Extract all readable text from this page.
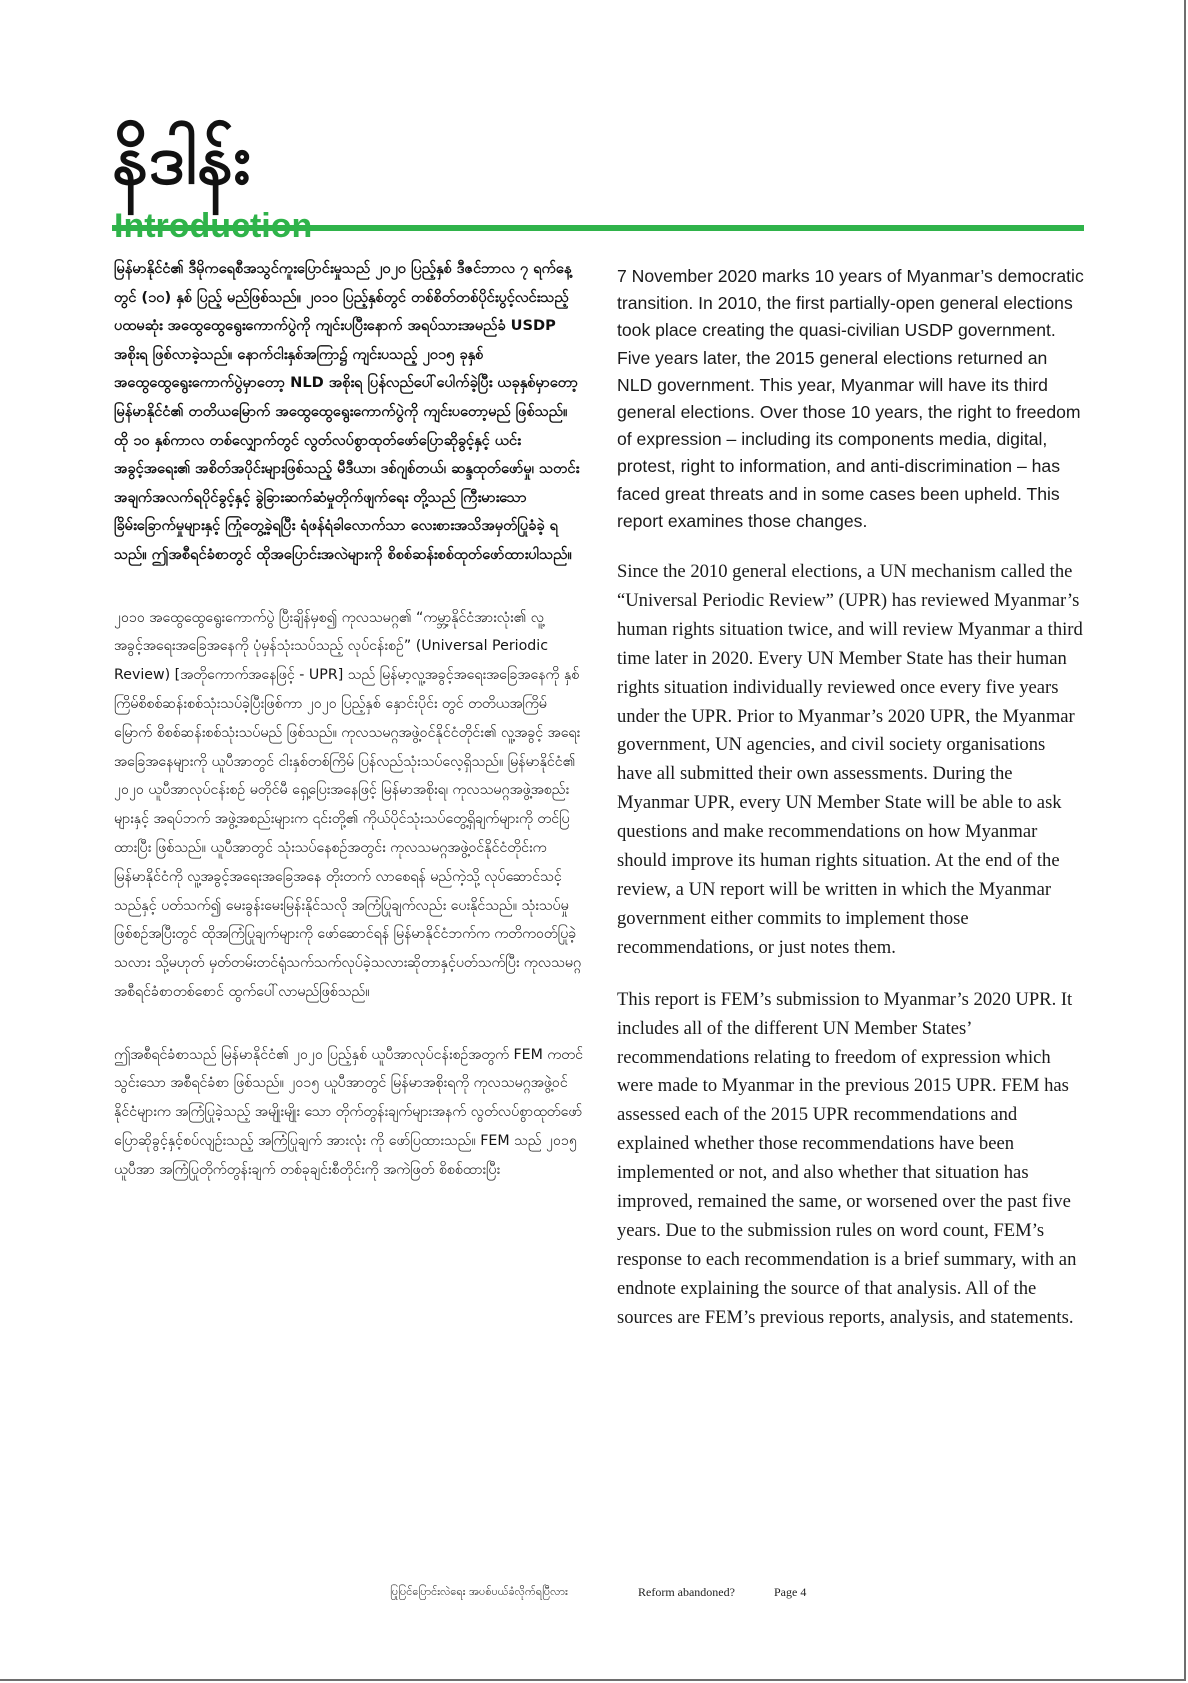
နိဒါန်း

မြန်မာနိုင်ငံ၏ ဒီမိုကရေစီအသွင်ကူးပြောင်းမှုသည် ၂၀၂၀ ပြည့်နှစ် ဒီဇင်ဘာလ ၇ ရက်နေ့တွင် (၁၀) နှစ် ပြည့် မည်ဖြစ်သည်။ ၂၀၁၀ ပြည့်နှစ်တွင် တစ်စိတ်တစ်ပိုင်းပွင့်လင်းသည့် ပထမဆုံး အထွေထွေရွေးကောက်ပွဲကို ကျင်းပပြီးနောက် အရပ်သားအမည်ခံ USDP အစိုးရ ဖြစ်လာခဲ့သည်။ နောက်ငါးနှစ်အကြာ၌ ကျင်းပသည့် ၂၀၁၅ ခုနှစ် အထွေထွေရွေးကောက်ပွဲမှာတော့ NLD အစိုးရ ပြန်လည်ပေါ်ပေါက်ခဲ့ပြီး ယခုနှစ်မှာတော့ မြန်မာနိုင်ငံ၏ တတိယမြောက် အထွေထွေရွေးကောက်ပွဲကို ကျင်းပတော့မည် ဖြစ်သည်။ ထို ၁၀ နှစ်ကာလ တစ်လျှောက်တွင် လွတ်လပ်စွာထုတ်ဖော်ပြောဆိုခွင့်နှင့် ယင်းအခွင့်အရေး၏ အစိတ်အပိုင်းများဖြစ်သည့် မီဒီယာ၊ ဒစ်ဂျစ်တယ်၊ ဆန္ဒထုတ်ဖော်မှု၊ သတင်းအချက်အလက်ရပိုင်ခွင့်နှင့် ခွဲခြားဆက်ဆံမှုတိုက်ဖျက်ရေး တို့သည် ကြီးမားသောခြိမ်းခြောက်မှုများနှင့် ကြုံတွေ့ခဲ့ရပြီး ရံဖန်ရံခါလောက်သာ လေးစားအသိအမှတ်ပြုခံခဲ့ ရသည်။ ဤအစီရင်ခံစာတွင် ထိုအပြောင်းအလဲများကို စိစစ်ဆန်းစစ်ထုတ်ဖော်ထားပါသည်။

၂၀၁၀ အထွေထွေရွေးကောက်ပွဲ ပြီးချိန်မှစ၍ ကုလသမဂ္ဂ၏ “ကမ္ဘာ့နိုင်ငံအားလုံး၏ လူ့အခွင့်အရေးအခြေအနေကို ပုံမှန်သုံးသပ်သည့် လုပ်ငန်းစဉ်” (Universal Periodic Review) [အတိုကောက်အနေဖြင့် - UPR] သည် မြန်မာ့လူ့အခွင့်အရေးအခြေအနေကို နှစ်ကြိမ်စိစစ်ဆန်းစစ်သုံးသပ်ခဲ့ပြီးဖြစ်ကာ ၂၀၂၀ ပြည့်နှစ် နှောင်းပိုင်း တွင် တတိယအကြိမ်မြောက် စိစစ်ဆန်းစစ်သုံးသပ်မည် ဖြစ်သည်။ ကုလသမဂ္ဂအဖွဲ့ဝင်နိုင်ငံတိုင်း၏ လူ့အခွင့် အရေးအခြေအနေများကို ယူပီအာတွင် ငါးနှစ်တစ်ကြိမ် ပြန်လည်သုံးသပ်လေ့ရှိသည်။ မြန်မာနိုင်ငံ၏ ၂၀၂၀ ယူပီအာလုပ်ငန်းစဉ် မတိုင်မီ ရှေ့ပြေးအနေဖြင့် မြန်မာအစိုးရ၊ ကုလသမဂ္ဂအဖွဲ့အစည်းများနှင့် အရပ်ဘက် အဖွဲ့အစည်းများက ၎င်းတို့၏ ကိုယ်ပိုင်သုံးသပ်တွေ့ရှိချက်များကို တင်ပြထားပြီး ဖြစ်သည်။ ယူပီအာတွင် သုံးသပ်နေစဉ်အတွင်း ကုလသမဂ္ဂအဖွဲ့ဝင်နိုင်ငံတိုင်းက မြန်မာနိုင်ငံကို လူ့အခွင့်အရေးအခြေအနေ တိုးတက် လာစေရန် မည်ကဲ့သို့ လုပ်ဆောင်သင့်သည်နှင့် ပတ်သက်၍ မေးခွန်းမေးမြန်းနိုင်သလို အကြံပြုချက်လည်း ပေးနိုင်သည်။ သုံးသပ်မှုဖြစ်စဉ်အပြီးတွင် ထိုအကြံပြုချက်များကို ဖော်ဆောင်ရန် မြန်မာနိုင်ငံဘက်က ကတိကဝတ်ပြုခဲ့သလား သို့မဟုတ် မှတ်တမ်းတင်ရုံသက်သက်လုပ်ခဲ့သလားဆိုတာနှင့်ပတ်သက်ပြီး ကုလသမဂ္ဂ အစီရင်ခံစာတစ်စောင် ထွက်ပေါ်လာမည်ဖြစ်သည်။

ဤအစီရင်ခံစာသည် မြန်မာနိုင်ငံ၏ ၂၀၂၀ ပြည့်နှစ် ယူပီအာလုပ်ငန်းစဉ်အတွက် FEM ကတင်သွင်းသော အစီရင်ခံစာ ဖြစ်သည်။ ၂၀၁၅ ယူပီအာတွင် မြန်မာအစိုးရကို ကုလသမဂ္ဂအဖွဲ့ဝင်နိုင်ငံများက အကြံပြုခဲ့သည့် အမျိုးမျိုး သော တိုက်တွန်းချက်များအနက် လွတ်လပ်စွာထုတ်ဖော်ပြောဆိုခွင့်နှင့်စပ်လျဉ်းသည့် အကြံပြုချက် အားလုံး ကို ဖော်ပြထားသည်။ FEM သည် ၂၀၁၅ ယူပီအာ အကြံပြုတိုက်တွန်းချက် တစ်ခုချင်းစီတိုင်းကို အကဲဖြတ် စိစစ်ထားပြီး

7 November 2020 marks 10 years of Myanmar’s democratic transition. In 2010, the first partially-open general elections took place creating the quasi-civilian USDP government. Five years later, the 2015 general elections returned an NLD government. This year, Myanmar will have its third general elections. Over those 10 years, the right to freedom of expression – including its components media, digital, protest, right to information, and anti-discrimination – has faced great threats and in some cases been upheld. This report examines those changes.

Since the 2010 general elections, a UN mechanism called the “Universal Periodic Review” (UPR) has reviewed Myanmar’s human rights situation twice, and will review Myanmar a third time later in 2020. Every UN Member State has their human rights situation individually reviewed once every five years under the UPR. Prior to Myanmar’s 2020 UPR, the Myanmar government, UN agencies, and civil society organisations have all submitted their own assessments. During the Myanmar UPR, every UN Member State will be able to ask questions and make recommendations on how Myanmar should improve its human rights situation. At the end of the review, a UN report will be written in which the Myanmar government either commits to implement those recommendations, or just notes them.

This report is FEM’s submission to Myanmar’s 2020 UPR. It includes all of the different UN Member States’ recommendations relating to freedom of expression which were made to Myanmar in the previous 2015 UPR. FEM has assessed each of the 2015 UPR recommendations and explained whether those recommendations have been implemented or not, and also whether that situation has improved, remained the same, or worsened over the past five years. Due to the submission rules on word count, FEM’s response to each recommendation is a brief summary, with an endnote explaining the source of that analysis. All of the sources are FEM’s previous reports, analysis, and statements.

ပြုပြင်ပြောင်းလဲရေး အပစ်ပယ်ခံလိုက်ရပြီလား	Reform abandoned?	Page 4
